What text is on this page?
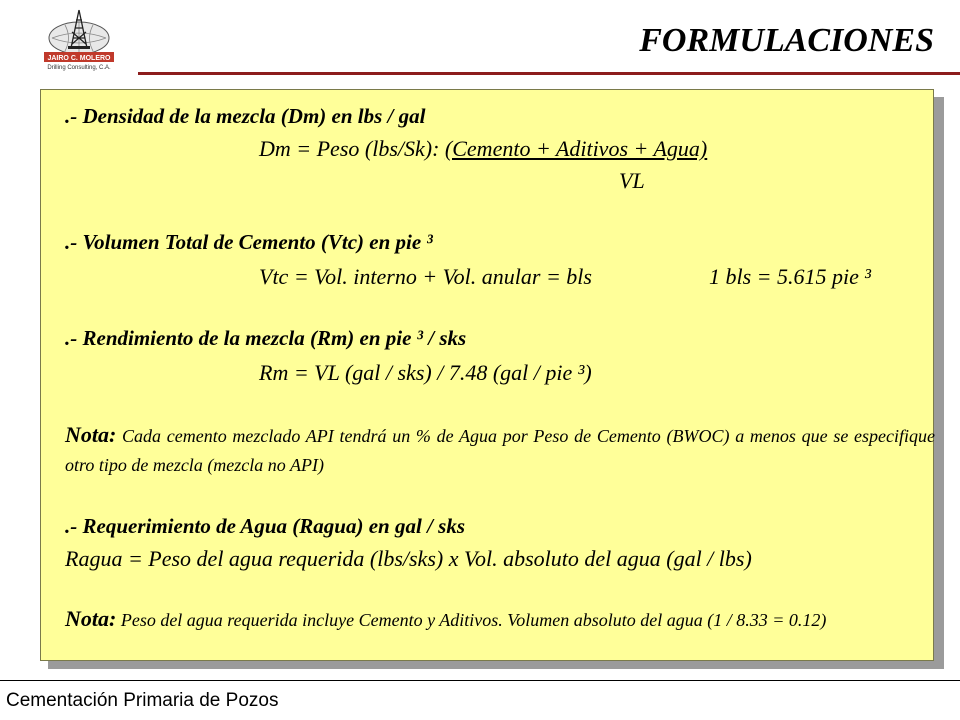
JAIRO C. MOLERO
Drilling Consulting, C.A.
FORMULACIONES
.- Densidad de la mezcla (Dm) en lbs / gal
Dm = Peso (lbs/Sk): (Cemento + Aditivos + Agua)
VL
.- Volumen Total de Cemento (Vtc) en pie ³
Vtc = Vol. interno + Vol. anular = bls	1 bls = 5.615 pie ³
.- Rendimiento de la mezcla (Rm) en pie ³ / sks
Rm = VL (gal / sks) / 7.48 (gal / pie ³)
Nota: Cada cemento mezclado API tendrá un % de Agua por Peso de Cemento (BWOC) a menos que se especifique otro tipo de mezcla (mezcla no API)
.- Requerimiento de Agua (Ragua) en gal / sks
Ragua = Peso del agua requerida (lbs/sks) x Vol. absoluto del agua (gal / lbs)
Nota: Peso del agua requerida incluye Cemento y Aditivos. Volumen absoluto del agua (1 / 8.33 = 0.12)
Cementación Primaria de Pozos
